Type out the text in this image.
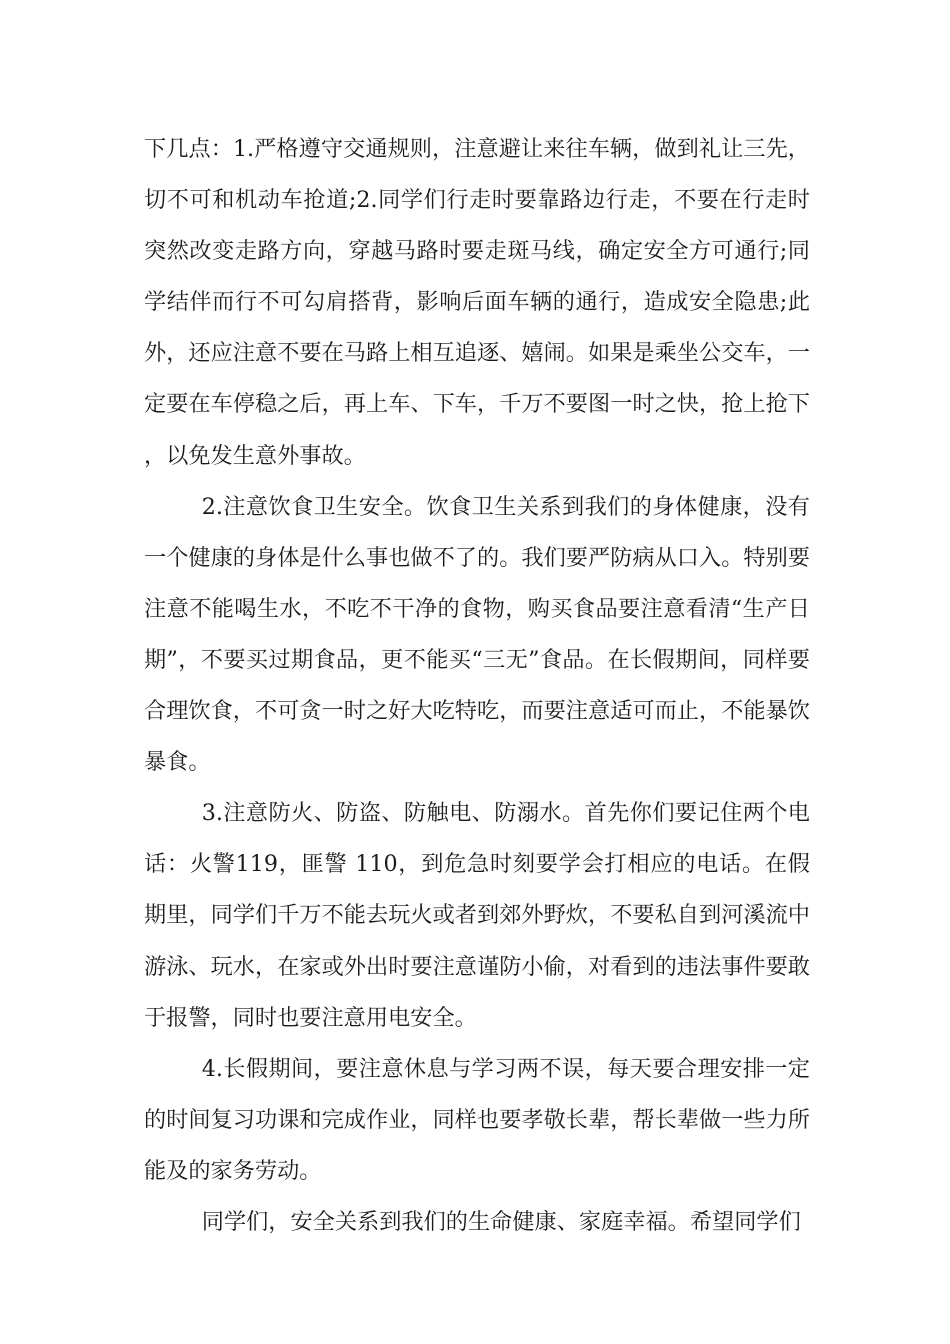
下几点：1.严格遵守交通规则，注意避让来往车辆，做到礼让三先，切不可和机动车抢道;2.同学们行走时要靠路边行走，不要在行走时突然改变走路方向，穿越马路时要走斑马线，确定安全方可通行;同学结伴而行不可勾肩搭背，影响后面车辆的通行，造成安全隐患;此外，还应注意不要在马路上相互追逐、嬉闹。如果是乘坐公交车，一定要在车停稳之后，再上车、下车，千万不要图一时之快，抢上抢下，以免发生意外事故。

2.注意饮食卫生安全。饮食卫生关系到我们的身体健康，没有一个健康的身体是什么事也做不了的。我们要严防病从口入。特别要注意不能喝生水，不吃不干净的食物，购买食品要注意看清“生产日期”，不要买过期食品，更不能买“三无”食品。在长假期间，同样要合理饮食，不可贪一时之好大吃特吃，而要注意适可而止，不能暴饮暴食。

3.注意防火、防盗、防触电、防溺水。首先你们要记住两个电话：火警119，匪警 110，到危急时刻要学会打相应的电话。在假期里，同学们千万不能去玩火或者到郊外野炊，不要私自到河溪流中游泳、玩水，在家或外出时要注意谨防小偷，对看到的违法事件要敢于报警，同时也要注意用电安全。

4.长假期间，要注意休息与学习两不误，每天要合理安排一定的时间复习功课和完成作业，同样也要孝敬长辈，帮长辈做一些力所能及的家务劳动。

同学们，安全关系到我们的生命健康、家庭幸福。希望同学们
